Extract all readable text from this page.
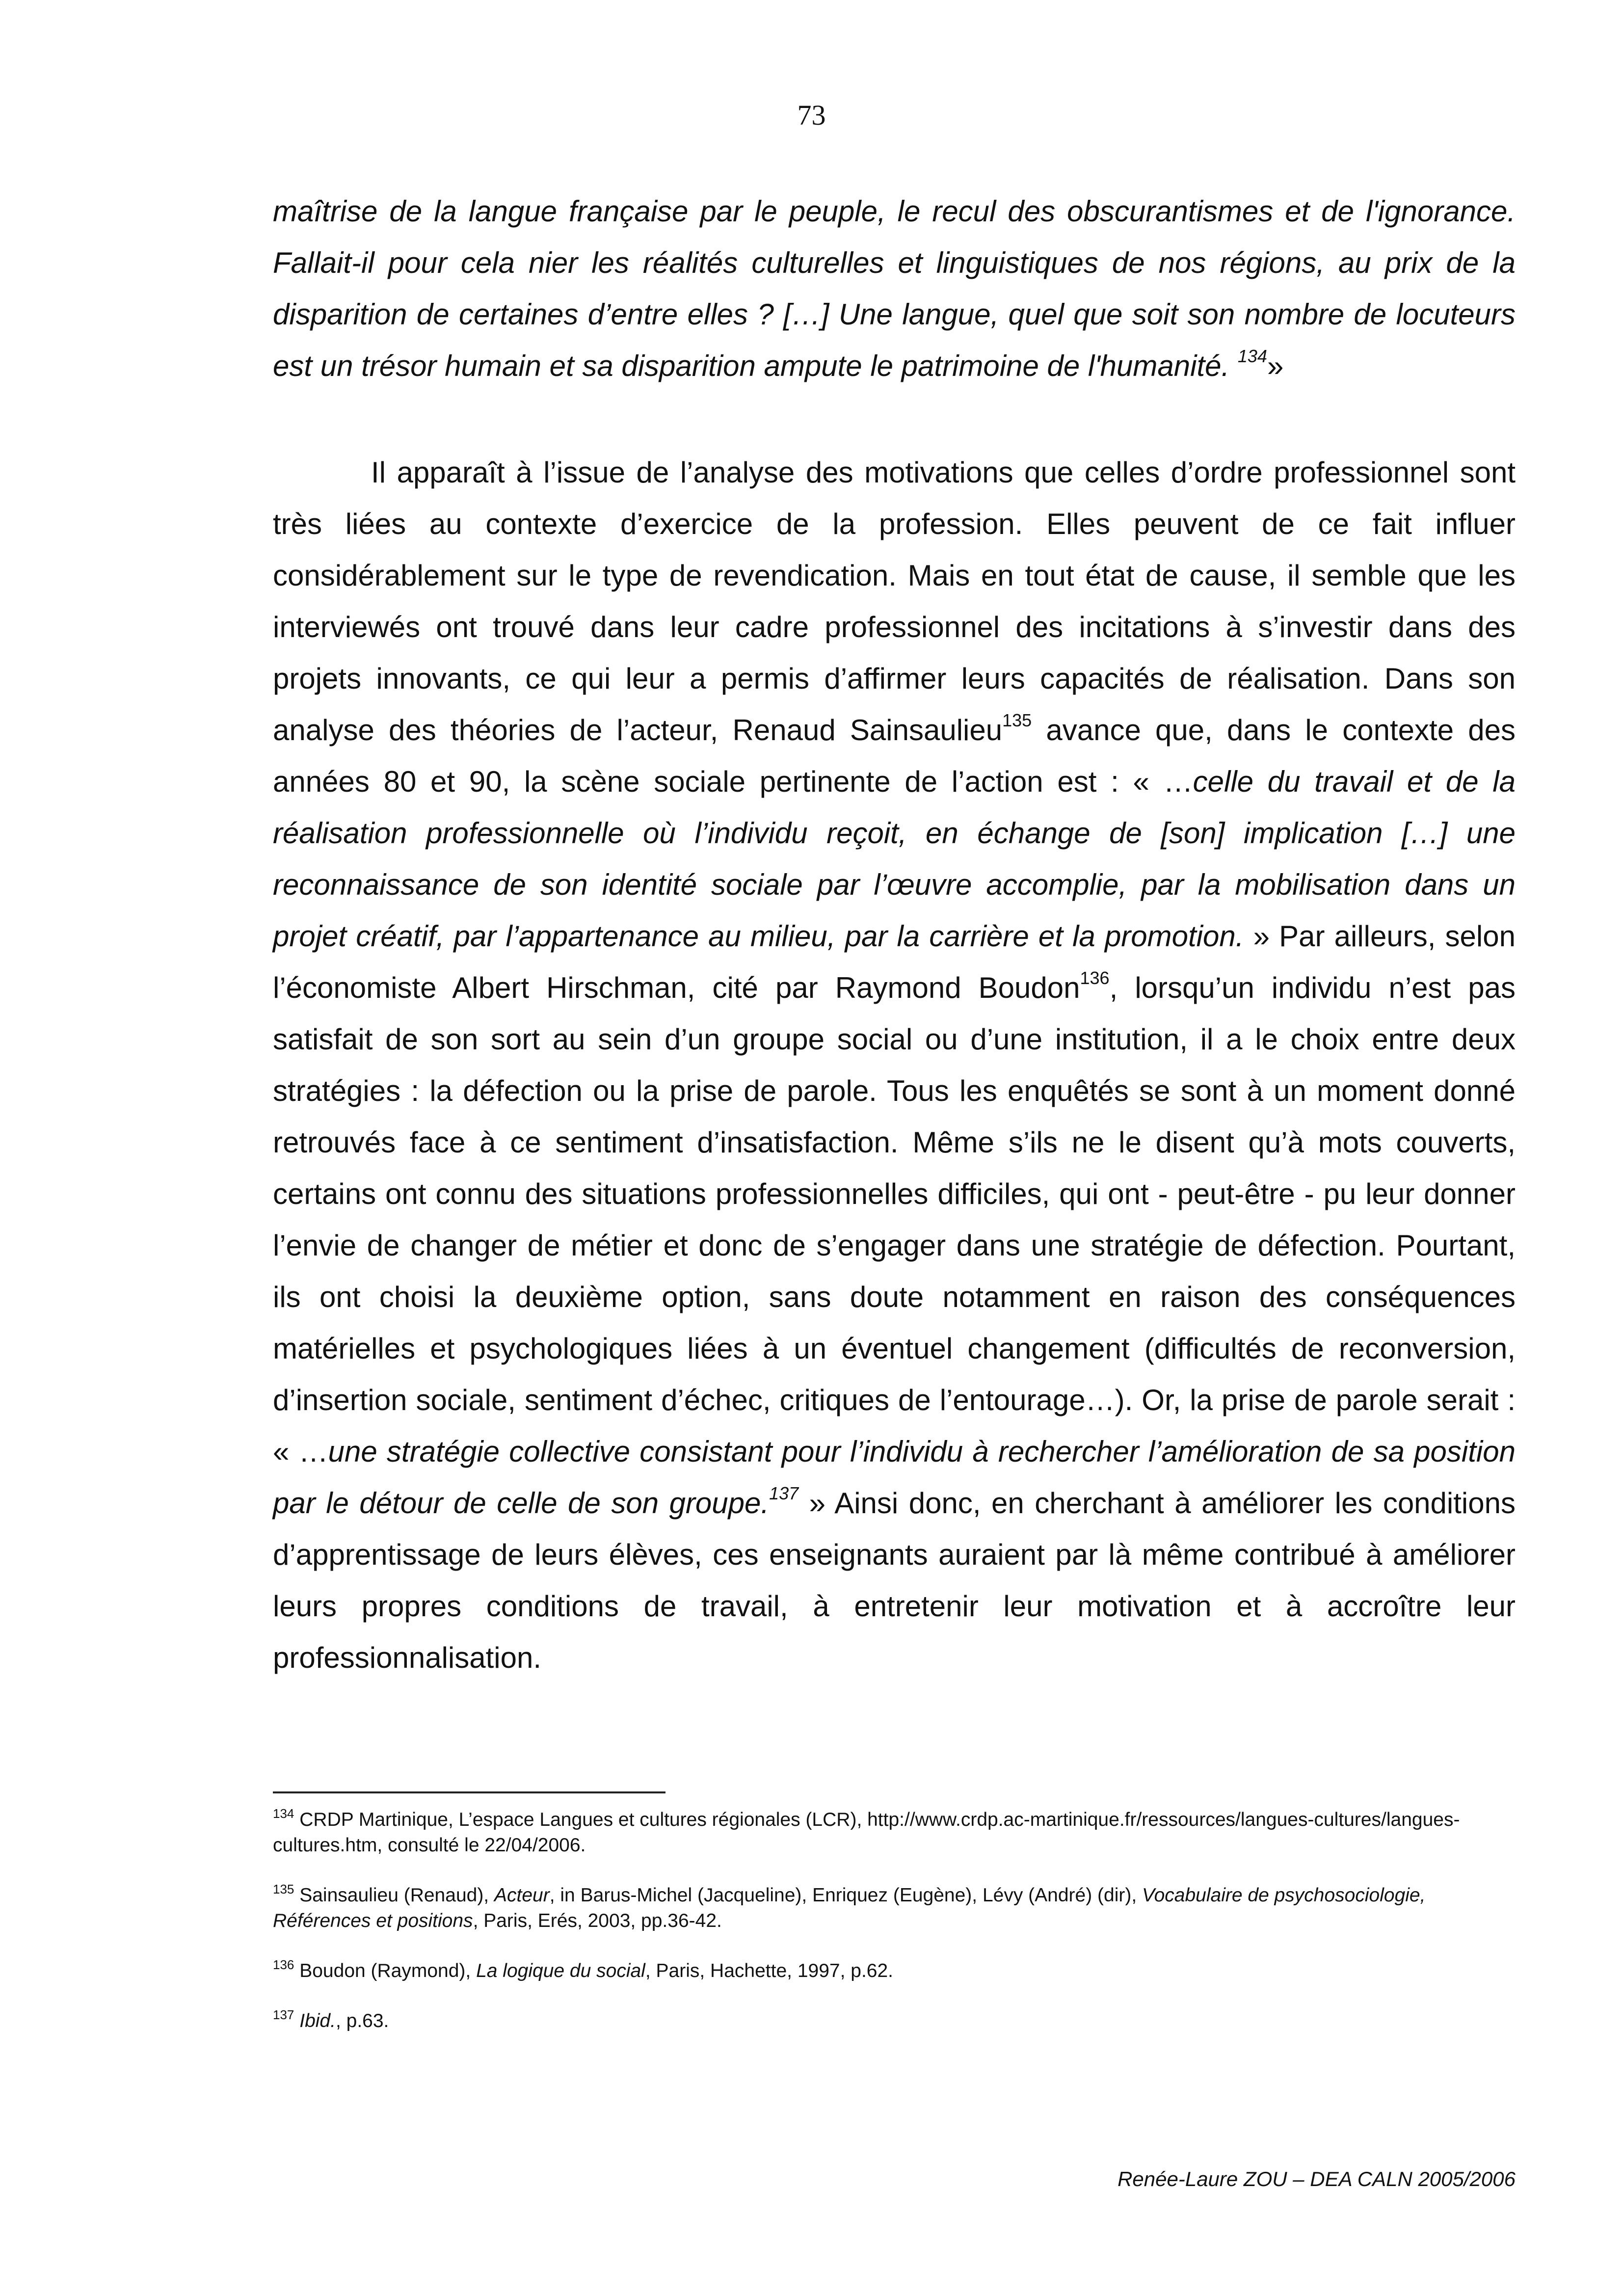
73
maîtrise de la langue française par le peuple, le recul des obscurantismes et de l'ignorance. Fallait-il pour cela nier les réalités culturelles et linguistiques de nos régions, au prix de la disparition de certaines d’entre elles ? […] Une langue, quel que soit son nombre de locuteurs est un trésor humain et sa disparition ampute le patrimoine de l'humanité. $^{134}$»
Il apparaît à l’issue de l’analyse des motivations que celles d’ordre professionnel sont très liées au contexte d’exercice de la profession. Elles peuvent de ce fait influer considérablement sur le type de revendication. Mais en tout état de cause, il semble que les interviewés ont trouvé dans leur cadre professionnel des incitations à s’investir dans des projets innovants, ce qui leur a permis d’affirmer leurs capacités de réalisation. Dans son analyse des théories de l’acteur, Renaud Sainsaulieu$^{135}$ avance que, dans le contexte des années 80 et 90, la scène sociale pertinente de l’action est : « …celle du travail et de la réalisation professionnelle où l’individu reçoit, en échange de [son] implication […] une reconnaissance de son identité sociale par l’œuvre accomplie, par la mobilisation dans un projet créatif, par l’appartenance au milieu, par la carrière et la promotion. » Par ailleurs, selon l’économiste Albert Hirschman, cité par Raymond Boudon$^{136}$, lorsqu’un individu n’est pas satisfait de son sort au sein d’un groupe social ou d’une institution, il a le choix entre deux stratégies : la défection ou la prise de parole. Tous les enquêtés se sont à un moment donné retrouvés face à ce sentiment d’insatisfaction. Même s’ils ne le disent qu’à mots couverts, certains ont connu des situations professionnelles difficiles, qui ont - peut-être - pu leur donner l’envie de changer de métier et donc de s’engager dans une stratégie de défection. Pourtant, ils ont choisi la deuxième option, sans doute notamment en raison des conséquences matérielles et psychologiques liées à un éventuel changement (difficultés de reconversion, d’insertion sociale, sentiment d’échec, critiques de l’entourage…). Or, la prise de parole serait : « …une stratégie collective consistant pour l’individu à rechercher l’amélioration de sa position par le détour de celle de son groupe.$^{137}$ » Ainsi donc, en cherchant à améliorer les conditions d’apprentissage de leurs élèves, ces enseignants auraient par là même contribué à améliorer leurs propres conditions de travail, à entretenir leur motivation et à accroître leur professionnalisation.

$^{134}$ CRDP Martinique, L’espace Langues et cultures régionales (LCR), http://www.crdp.ac-martinique.fr/ressources/langues-cultures/langues-cultures.htm, consulté le 22/04/2006.

$^{135}$ Sainsaulieu (Renaud), Acteur, in Barus-Michel (Jacqueline), Enriquez (Eugène), Lévy (André) (dir), Vocabulaire de psychosociologie, Références et positions, Paris, Erés, 2003, pp.36-42.

$^{136}$ Boudon (Raymond), La logique du social, Paris, Hachette, 1997, p.62.

$^{137}$ Ibid., p.63.

Renée-Laure ZOU – DEA CALN 2005/2006
